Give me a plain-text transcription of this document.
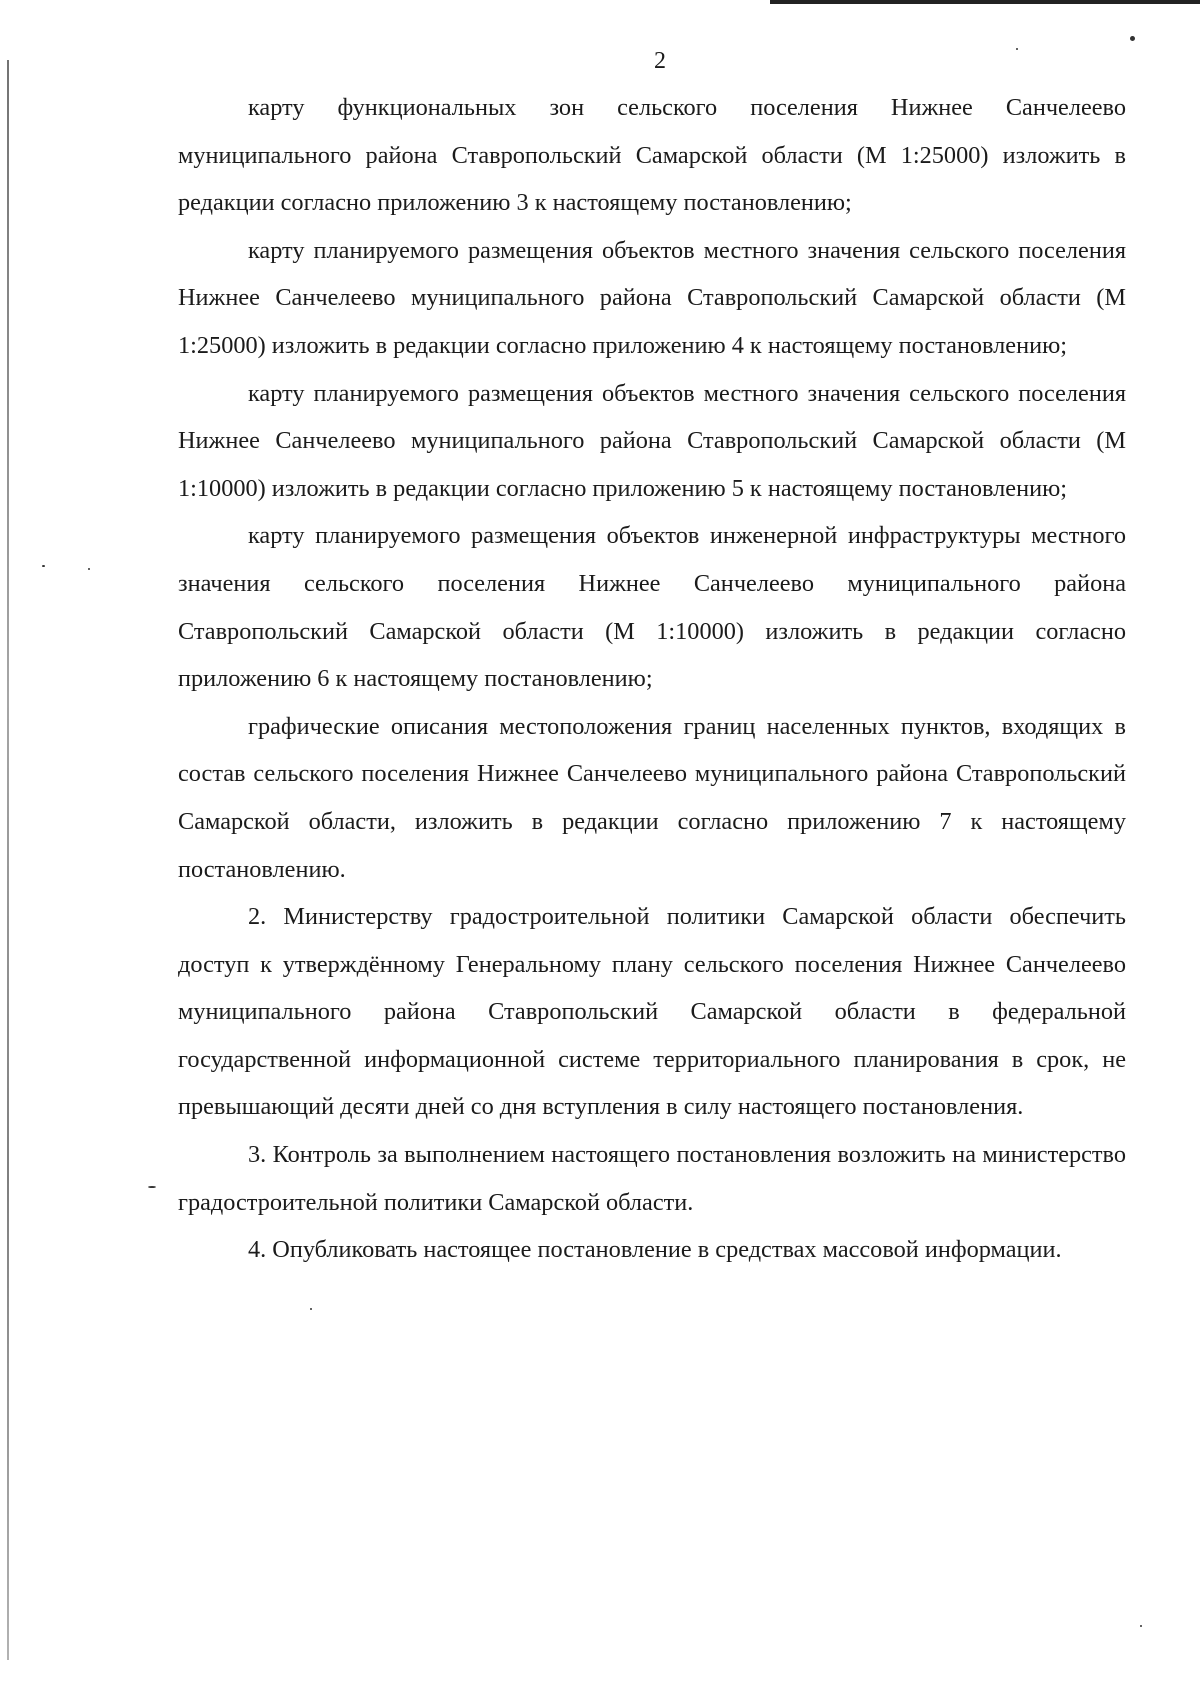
2

карту функциональных зон сельского поселения Нижнее Санчелеево муниципального района Ставропольский Самарской области (М 1:25000) изложить в редакции согласно приложению 3 к настоящему постановлению;

карту планируемого размещения объектов местного значения сельского поселения Нижнее Санчелеево муниципального района Ставропольский Самарской области (М 1:25000) изложить в редакции согласно приложению 4 к настоящему постановлению;

карту планируемого размещения объектов местного значения сельского поселения Нижнее Санчелеево муниципального района Ставропольский Самарской области (М 1:10000) изложить в редакции согласно приложению 5 к настоящему постановлению;

карту планируемого размещения объектов инженерной инфраструктуры местного значения сельского поселения Нижнее Санчелеево муниципального района Ставропольский Самарской области (М 1:10000) изложить в редакции согласно приложению 6 к настоящему постановлению;

графические описания местоположения границ населенных пунктов, входящих в состав сельского поселения Нижнее Санчелеево муниципального района Ставропольский Самарской области, изложить в редакции согласно приложению 7 к настоящему постановлению.

2. Министерству градостроительной политики Самарской области обеспечить доступ к утверждённому Генеральному плану сельского поселения Нижнее Санчелеево муниципального района Ставропольский Самарской области в федеральной государственной информационной системе территориального планирования в срок, не превышающий десяти дней со дня вступления в силу настоящего постановления.

3. Контроль за выполнением настоящего постановления возложить на министерство градостроительной политики Самарской области.

4. Опубликовать настоящее постановление в средствах массовой информации.
